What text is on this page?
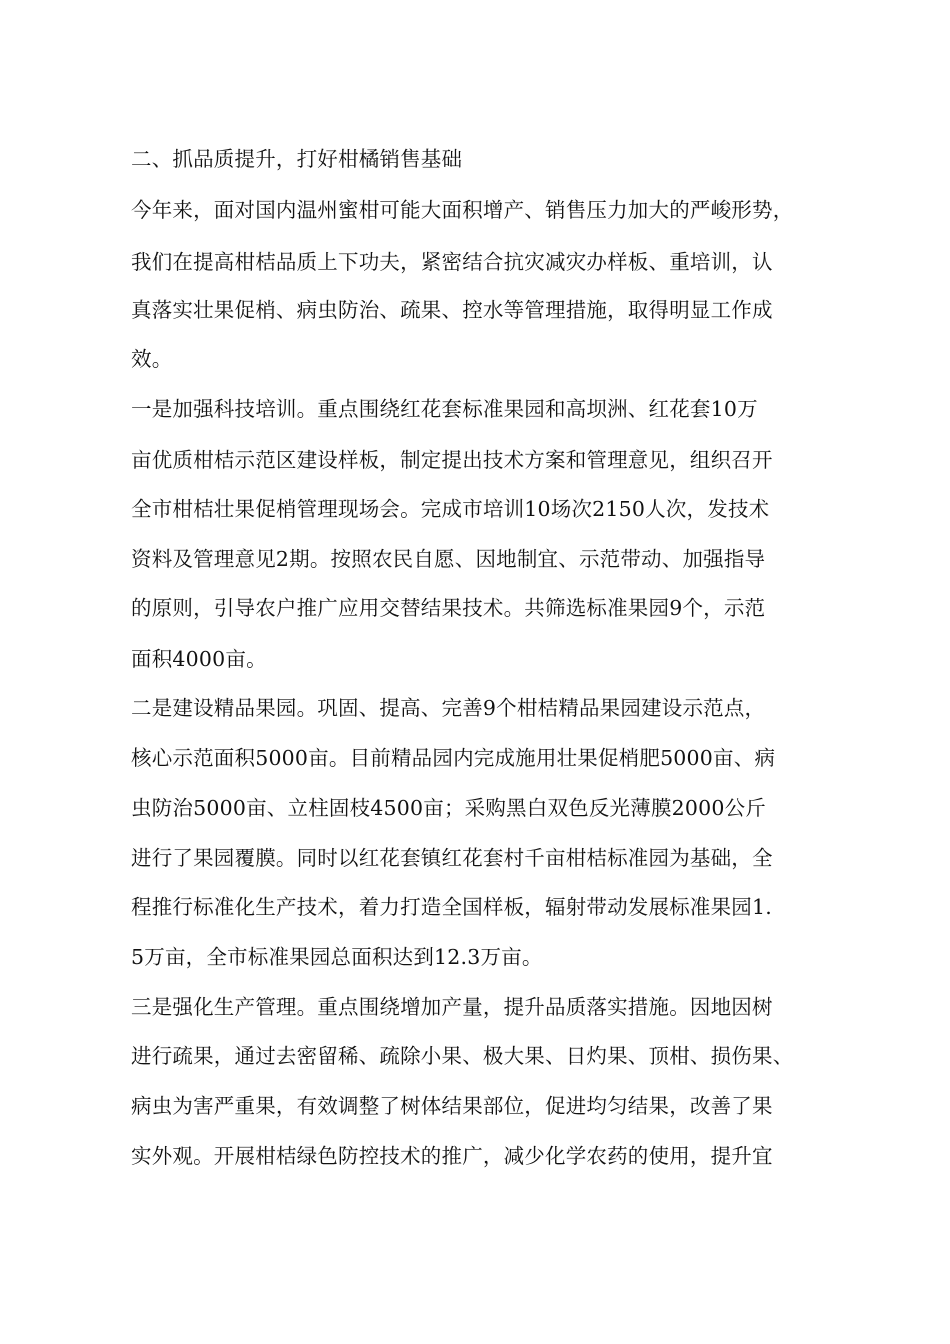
二、抓品质提升，打好柑橘销售基础
今年来，面对国内温州蜜柑可能大面积增产、销售压力加大的严峻形势，
我们在提高柑桔品质上下功夫，紧密结合抗灾减灾办样板、重培训，认
真落实壮果促梢、病虫防治、疏果、控水等管理措施，取得明显工作成
效。
一是加强科技培训。重点围绕红花套标准果园和高坝洲、红花套10万
亩优质柑桔示范区建设样板，制定提出技术方案和管理意见，组织召开
全市柑桔壮果促梢管理现场会。完成市培训10场次2150人次，发技术
资料及管理意见2期。按照农民自愿、因地制宜、示范带动、加强指导
的原则，引导农户推广应用交替结果技术。共筛选标准果园9个，示范
面积4000亩。
二是建设精品果园。巩固、提高、完善9个柑桔精品果园建设示范点，
核心示范面积5000亩。目前精品园内完成施用壮果促梢肥5000亩、病
虫防治5000亩、立柱固枝4500亩；采购黑白双色反光薄膜2000公斤
进行了果园覆膜。同时以红花套镇红花套村千亩柑桔标准园为基础，全
程推行标准化生产技术，着力打造全国样板，辐射带动发展标准果园1.
5万亩，全市标准果园总面积达到12.3万亩。
三是强化生产管理。重点围绕增加产量，提升品质落实措施。因地因树
进行疏果，通过去密留稀、疏除小果、极大果、日灼果、顶柑、损伤果、
病虫为害严重果，有效调整了树体结果部位，促进均匀结果，改善了果
实外观。开展柑桔绿色防控技术的推广，减少化学农药的使用，提升宜
